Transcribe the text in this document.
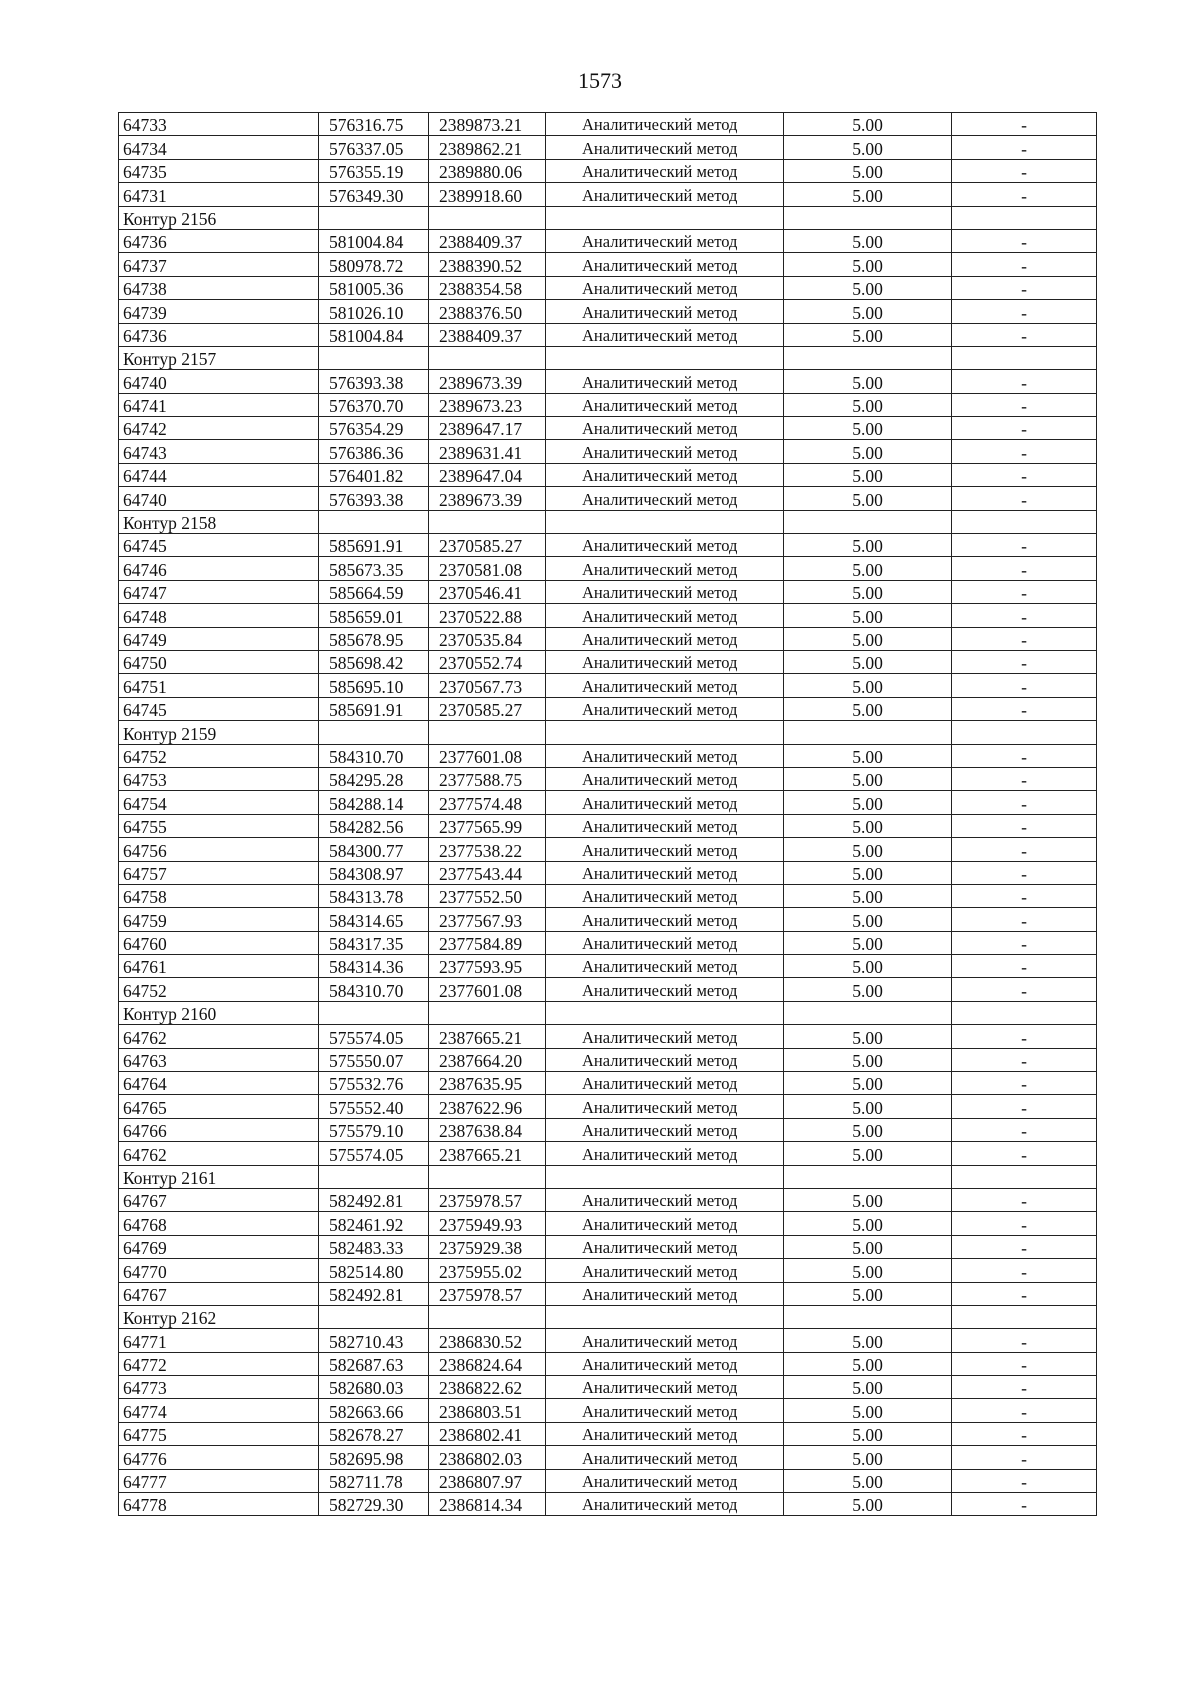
1573
64733	576316.75	2389873.21	Аналитический метод	5.00	-
64734	576337.05	2389862.21	Аналитический метод	5.00	-
64735	576355.19	2389880.06	Аналитический метод	5.00	-
64731	576349.30	2389918.60	Аналитический метод	5.00	-
Контур 2156					
64736	581004.84	2388409.37	Аналитический метод	5.00	-
64737	580978.72	2388390.52	Аналитический метод	5.00	-
64738	581005.36	2388354.58	Аналитический метод	5.00	-
64739	581026.10	2388376.50	Аналитический метод	5.00	-
64736	581004.84	2388409.37	Аналитический метод	5.00	-
Контур 2157					
64740	576393.38	2389673.39	Аналитический метод	5.00	-
64741	576370.70	2389673.23	Аналитический метод	5.00	-
64742	576354.29	2389647.17	Аналитический метод	5.00	-
64743	576386.36	2389631.41	Аналитический метод	5.00	-
64744	576401.82	2389647.04	Аналитический метод	5.00	-
64740	576393.38	2389673.39	Аналитический метод	5.00	-
Контур 2158					
64745	585691.91	2370585.27	Аналитический метод	5.00	-
64746	585673.35	2370581.08	Аналитический метод	5.00	-
64747	585664.59	2370546.41	Аналитический метод	5.00	-
64748	585659.01	2370522.88	Аналитический метод	5.00	-
64749	585678.95	2370535.84	Аналитический метод	5.00	-
64750	585698.42	2370552.74	Аналитический метод	5.00	-
64751	585695.10	2370567.73	Аналитический метод	5.00	-
64745	585691.91	2370585.27	Аналитический метод	5.00	-
Контур 2159					
64752	584310.70	2377601.08	Аналитический метод	5.00	-
64753	584295.28	2377588.75	Аналитический метод	5.00	-
64754	584288.14	2377574.48	Аналитический метод	5.00	-
64755	584282.56	2377565.99	Аналитический метод	5.00	-
64756	584300.77	2377538.22	Аналитический метод	5.00	-
64757	584308.97	2377543.44	Аналитический метод	5.00	-
64758	584313.78	2377552.50	Аналитический метод	5.00	-
64759	584314.65	2377567.93	Аналитический метод	5.00	-
64760	584317.35	2377584.89	Аналитический метод	5.00	-
64761	584314.36	2377593.95	Аналитический метод	5.00	-
64752	584310.70	2377601.08	Аналитический метод	5.00	-
Контур 2160					
64762	575574.05	2387665.21	Аналитический метод	5.00	-
64763	575550.07	2387664.20	Аналитический метод	5.00	-
64764	575532.76	2387635.95	Аналитический метод	5.00	-
64765	575552.40	2387622.96	Аналитический метод	5.00	-
64766	575579.10	2387638.84	Аналитический метод	5.00	-
64762	575574.05	2387665.21	Аналитический метод	5.00	-
Контур 2161					
64767	582492.81	2375978.57	Аналитический метод	5.00	-
64768	582461.92	2375949.93	Аналитический метод	5.00	-
64769	582483.33	2375929.38	Аналитический метод	5.00	-
64770	582514.80	2375955.02	Аналитический метод	5.00	-
64767	582492.81	2375978.57	Аналитический метод	5.00	-
Контур 2162					
64771	582710.43	2386830.52	Аналитический метод	5.00	-
64772	582687.63	2386824.64	Аналитический метод	5.00	-
64773	582680.03	2386822.62	Аналитический метод	5.00	-
64774	582663.66	2386803.51	Аналитический метод	5.00	-
64775	582678.27	2386802.41	Аналитический метод	5.00	-
64776	582695.98	2386802.03	Аналитический метод	5.00	-
64777	582711.78	2386807.97	Аналитический метод	5.00	-
64778	582729.30	2386814.34	Аналитический метод	5.00	-
